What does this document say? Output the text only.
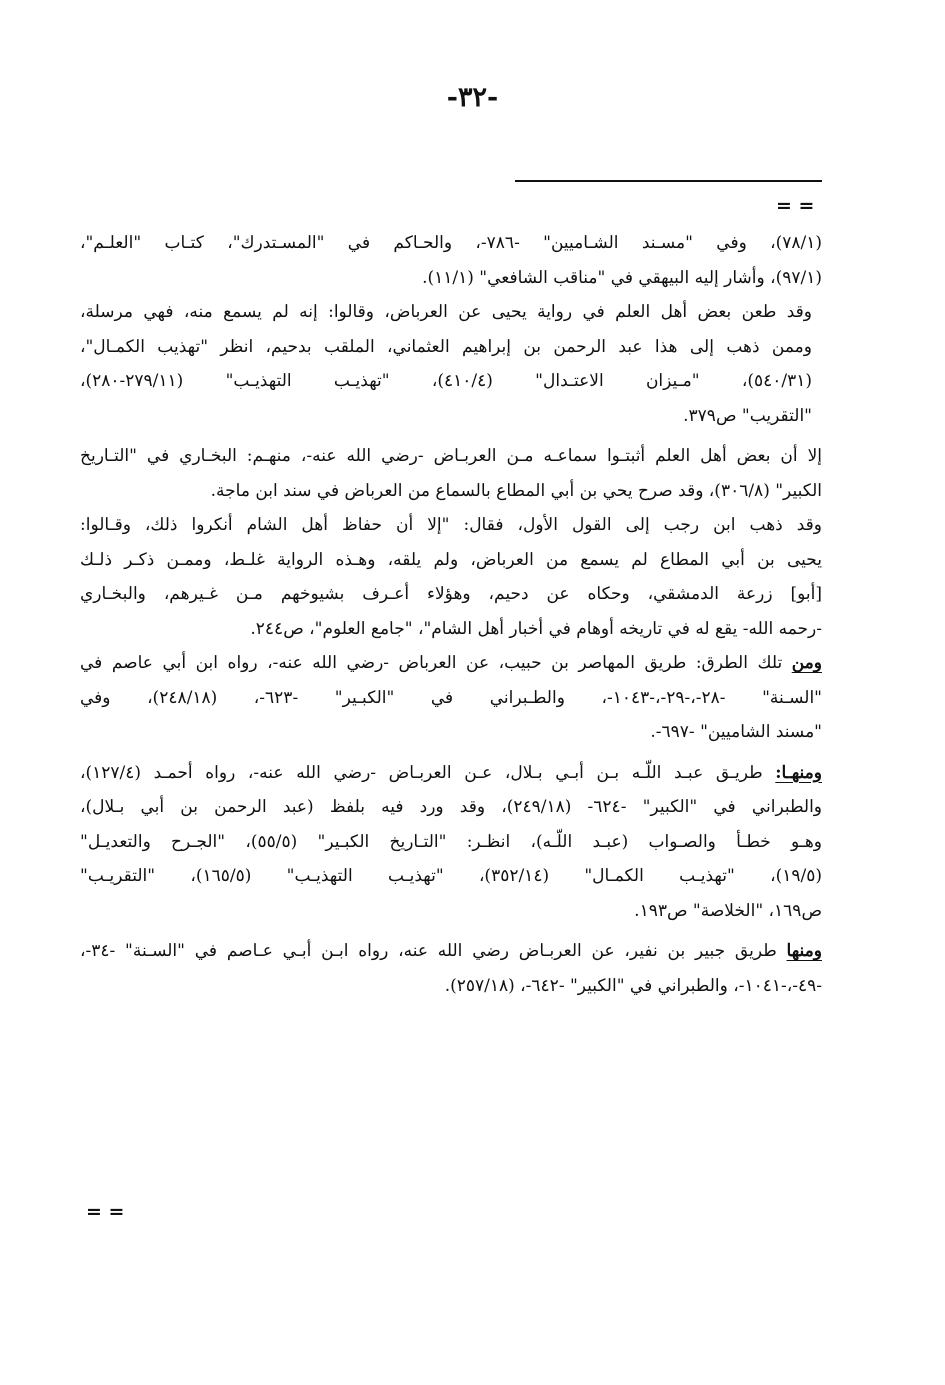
-٣٢-
= =

(٧٨/١)، وفي "مسـند الشـاميين" -٧٨٦-، والحـاكم في "المسـتدرك"، كتـاب "العلـم"،
(٩٧/١)، وأشار إليه البيهقي في "مناقب الشافعي" (١١/١).

وقد طعن بعض أهل العلم في رواية يحيى عن العرباض، وقالوا: إنه لم يسمع منه، فهي مرسلة،
وممن ذهب إلى هذا عبد الرحمن بن إبراهيم العثماني، الملقب بدحيم، انظر "تهذيب الكمـال"،
(٥٤٠/٣١)، "مـيزان الاعتـدال" (٤١٠/٤)، "تهذيـب التهذيـب" (٢٧٩/١١-٢٨٠)،
"التقريب" ص٣٧٩.

إلا أن بعض أهل العلم أثبتـوا سماعـه مـن العربـاض -رضي الله عنه-، منهـم: البخـاري في "التـاريخ
الكبير" (٣٠٦/٨)، وقد صرح يحي بن أبي المطاع بالسماع من العرباض في سند ابن ماجة.
وقد ذهب ابن رجب إلى القول الأول، فقال: "إلا أن حفاظ أهل الشام أنكروا ذلك، وقـالوا:
يحيى بن أبي المطاع لم يسمع من العرباض، ولم يلقه، وهـذه الرواية غلـط، وممـن ذكـر ذلـك
[أبو] زرعة الدمشقي، وحكاه عن دحيم، وهؤلاء أعـرف بشيوخهم مـن غـيرهم، والبخـاري
-رحمه الله- يقع له في تاريخه أوهام في أخبار أهل الشام"، "جامع العلوم"، ص٢٤٤.

ومن تلك الطرق: طريق المهاصر بن حبيب، عن العرباض -رضي الله عنه-، رواه ابن أبي عاصم في
"السـنة" -٢٨-،-٢٩-،-١٠٤٣-، والطـبراني في "الكبـير" -٦٢٣-، (٢٤٨/١٨)، وفي
"مسند الشاميين" -٦٩٧-.

ومنهـا: طريـق عبـد اللّـه بـن أبـي بـلال، عـن العربـاض -رضي الله عنه-، رواه أحمـد (١٢٧/٤)،
والطبراني في "الكبير" -٦٢٤- (٢٤٩/١٨)، وقد ورد فيه بلفظ (عبد الرحمن بن أبي بـلال)،
وهـو خطـأ والصـواب (عبـد اللّـه)، انظـر: "التـاريخ الكبـير" (٥٥/٥)، "الجـرح والتعديـل"
(١٩/٥)، "تهذيـب الكمـال" (٣٥٢/١٤)، "تهذيـب التهذيـب" (١٦٥/٥)، "التقريـب"
ص١٦٩، "الخلاصة" ص١٩٣.

ومنها طريق جبير بن نفير، عن العربـاض رضي الله عنه، رواه ابـن أبـي عـاصم في "السـنة" -٣٤-،
-٤٩-،-١٠٤١-، والطبراني في "الكبير" -٦٤٢-، (٢٥٧/١٨).

= =
